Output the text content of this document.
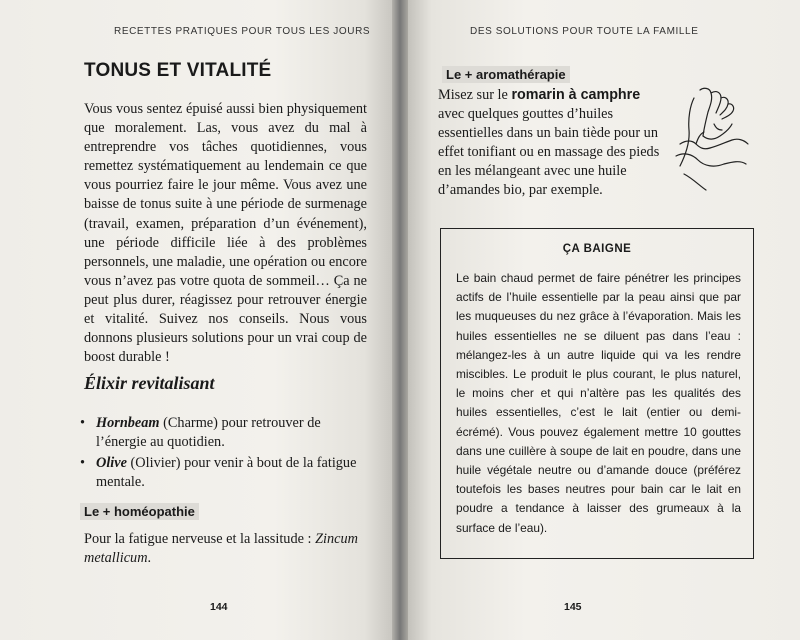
RECETTES PRATIQUES POUR TOUS LES JOURS
TONUS ET VITALITÉ

Vous vous sentez épuisé aussi bien physiquement que moralement. Las, vous avez du mal à entreprendre vos tâches quotidiennes, vous remettez systématiquement au lendemain ce que vous pourriez faire le jour même. Vous avez une baisse de tonus suite à une période de surmenage (travail, examen, préparation d’un événement), une période difficile liée à des problèmes personnels, une maladie, une opération ou encore vous n’avez pas votre quota de sommeil… Ça ne peut plus durer, réagissez pour retrouver énergie et vitalité. Suivez nos conseils. Nous vous donnons plusieurs solutions pour un vrai coup de boost durable !

Élixir revitalisant
• Hornbeam (Charme) pour retrouver de l’énergie au quotidien.
• Olive (Olivier) pour venir à bout de la fatigue mentale.
Le + homéopathie

Pour la fatigue nerveuse et la lassitude : Zincum metallicum.

144
DES SOLUTIONS POUR TOUTE LA FAMILLE
Le + aromathérapie

Misez sur le romarin à camphre avec quelques gouttes d’huiles essentielles dans un bain tiède pour un effet tonifiant ou en massage des pieds en les mélangeant avec une huile d’amandes bio, par exemple.

ÇA BAIGNE

Le bain chaud permet de faire pénétrer les principes actifs de l’huile essentielle par la peau ainsi que par les muqueuses du nez grâce à l’évaporation. Mais les huiles essentielles ne se diluent pas dans l’eau : mélangez-les à un autre liquide qui va les rendre miscibles. Le produit le plus courant, le plus naturel, le moins cher et qui n’altère pas les qualités des huiles essentielles, c’est le lait (entier ou demi-écrémé). Vous pouvez également mettre 10 gouttes dans une cuillère à soupe de lait en poudre, dans une huile végétale neutre ou d’amande douce (préférez toutefois les bases neutres pour bain car le lait en poudre a tendance à laisser des grumeaux à la surface de l’eau).

145
